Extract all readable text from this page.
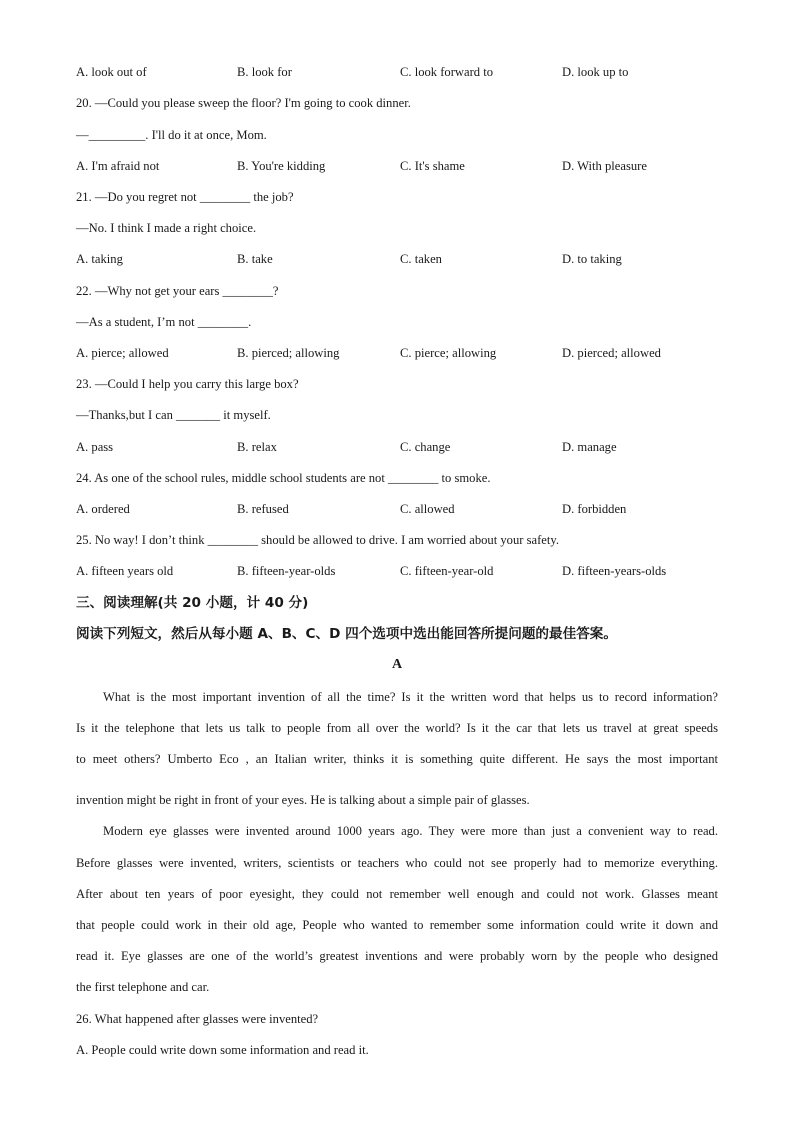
A. look out of	B. look for	C. look forward to	D. look up to
20. —Could you please sweep the floor? I'm going to cook dinner.
—_________. I'll do it at once, Mom.
A. I'm afraid not	B. You're kidding	C. It's shame	D. With pleasure
21. —Do you regret not ________ the job?
—No. I think I made a right choice.
A. taking	B. take	C. taken	D. to taking
22. —Why not get your ears ________?
—As a student, I’m not ________.
A. pierce; allowed	B. pierced; allowing	C. pierce; allowing	D. pierced; allowed
23. —Could I help you carry this large box?
—Thanks,but I can _______ it myself.
A. pass	B. relax	C. change	D. manage
24. As one of the school rules, middle school students are not ________ to smoke.
A. ordered	B. refused	C. allowed	D. forbidden
25. No way! I don’t think ________ should be allowed to drive. I am worried about your safety.
A. fifteen years old	B. fifteen-year-olds	C. fifteen-year-old	D. fifteen-years-olds
三、阅读理解(共 20 小题，计 40 分)
阅读下列短文，然后从每小题 A、B、C、D 四个选项中选出能回答所提问题的最佳答案。
A
What is the most important invention of all the time? Is it the written word that helps us to record information?
Is it the telephone that lets us talk to people from all over the world? Is it the car that lets us travel at great speeds
to meet others? Umberto Eco , an Italian writer, thinks it is something quite different. He says the most important
invention might be right in front of your eyes. He is talking about a simple pair of glasses.
Modern eye glasses were invented around 1000 years ago. They were more than just a convenient way to read.
Before glasses were invented, writers, scientists or teachers who could not see properly had to memorize everything.
After about ten years of poor eyesight, they could not remember well enough and could not work. Glasses meant
that people could work in their old age, People who wanted to remember some information could write it down and
read it. Eye glasses are one of the world’s greatest inventions and were probably worn by the people who designed
the first telephone and car.
26. What happened after glasses were invented?
A. People could write down some information and read it.
